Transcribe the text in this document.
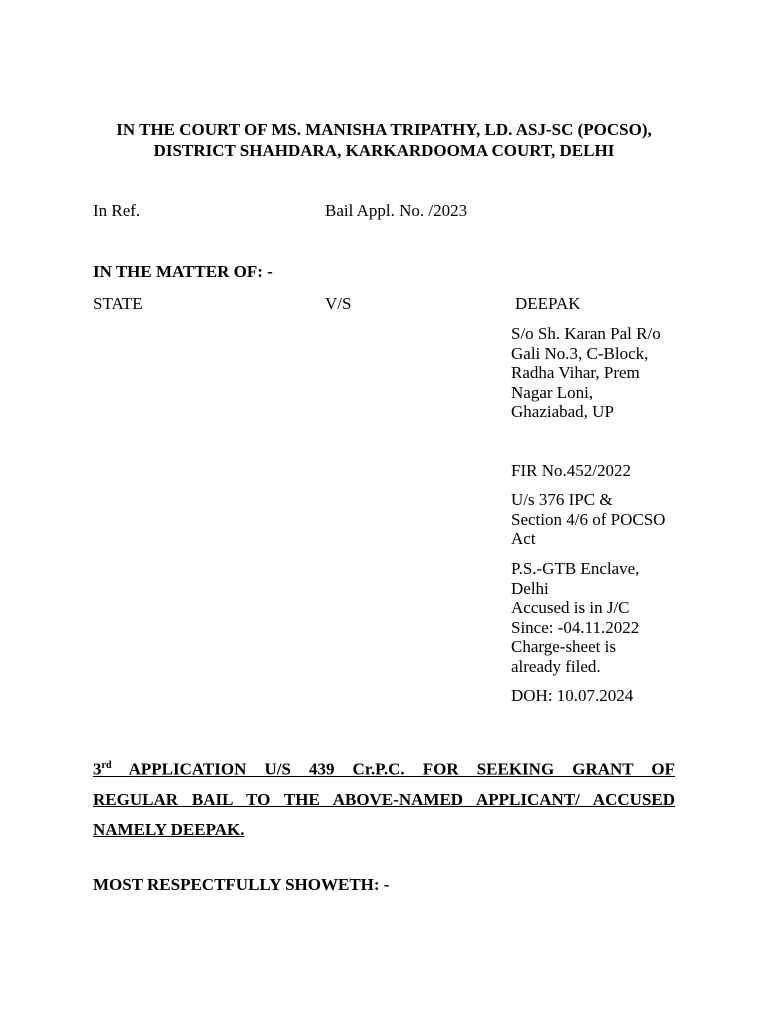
IN THE COURT OF MS. MANISHA TRIPATHY, LD. ASJ-SC (POCSO),
DISTRICT SHAHDARA, KARKARDOOMA COURT, DELHI
In Ref.	Bail Appl. No. /2023
IN THE MATTER OF: -
STATE	V/S	DEEPAK
S/o Sh. Karan Pal R/o
Gali No.3, C-Block,
Radha Vihar, Prem
Nagar Loni,
Ghaziabad, UP
FIR No.452/2022
U/s 376 IPC &
Section 4/6 of POCSO
Act
P.S.-GTB Enclave,
Delhi
Accused is in J/C
Since: -04.11.2022
Charge-sheet is
already filed.
DOH: 10.07.2024
3rd APPLICATION U/S 439 Cr.P.C. FOR SEEKING GRANT OF
REGULAR BAIL TO THE ABOVE-NAMED APPLICANT/ ACCUSED
NAMELY DEEPAK.
MOST RESPECTFULLY SHOWETH: -
